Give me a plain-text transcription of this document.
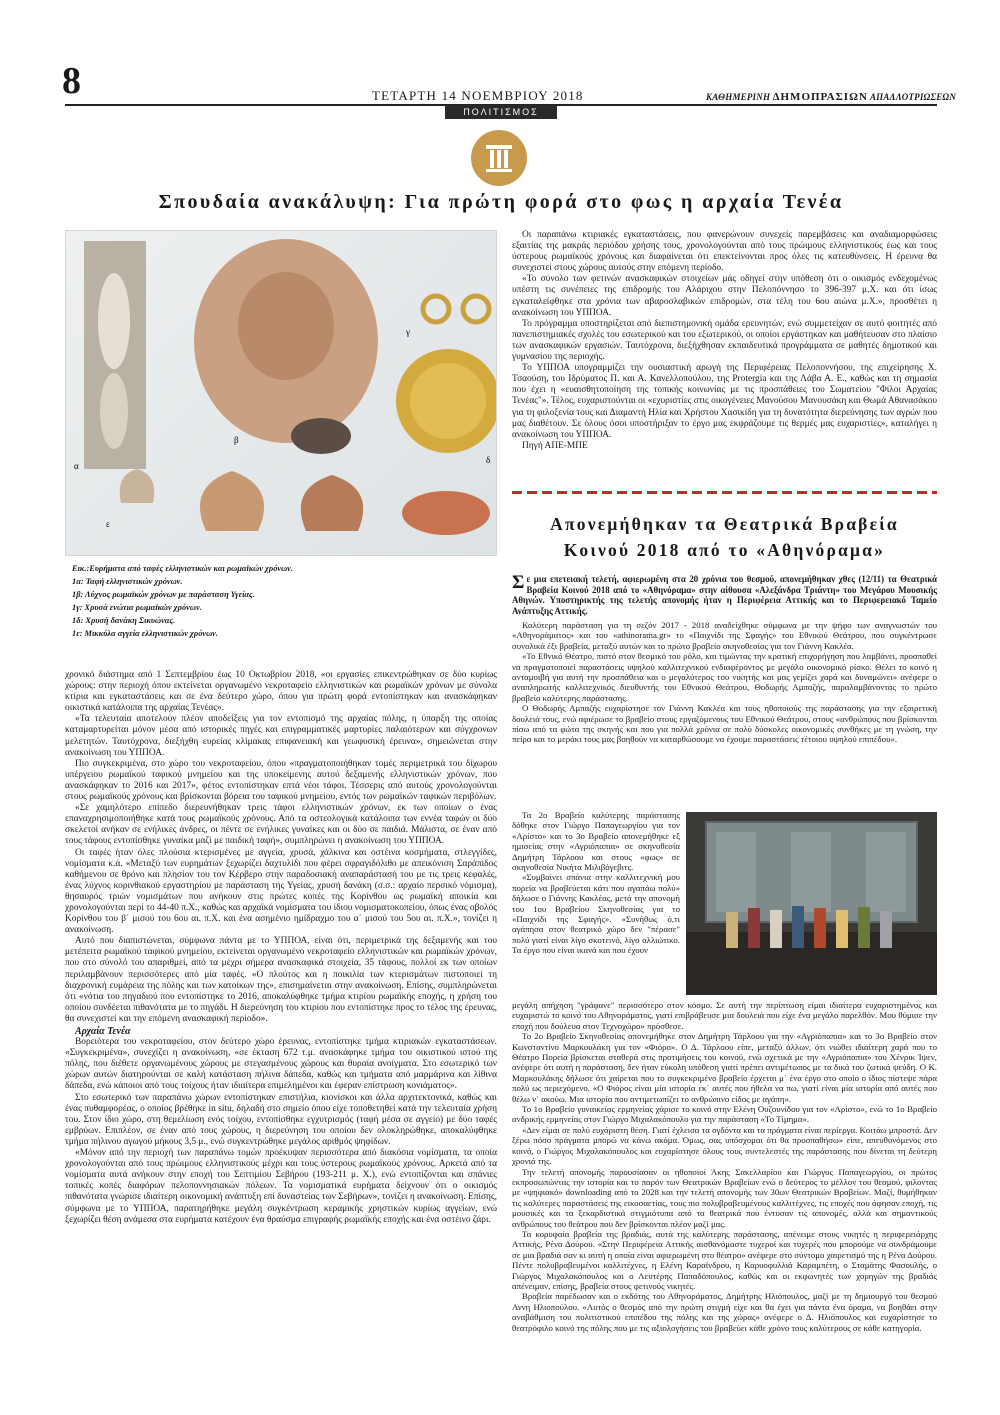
8	ΤΕΤΑΡΤΗ 14 ΝΟΕΜΒΡΙΟΥ 2018	ΚΑΘΗΜΕΡΙΝΗ ΔΗΜΟΠΡΑΣΙΩΝ ΑΠΑΛΛΟΤΡΙΩΣΕΩΝ
ΠΟΛΙΤΙΣΜΟΣ
Σπουδαία ανακάλυψη: Για πρώτη φορά στο φως η αρχαία Τενέα
α
β
γ
δ
ε
Εικ.:Ευρήματα από ταφές ελληνιστικών και ρωμαϊκών χρόνων.
1α: Ταφή ελληνιστικών χρόνων.
1β: Λύχνος ρωμαϊκών χρόνων με παράσταση Υγείας.
1γ: Χρυσά ενώτια ρωμαϊκών χρόνων.
1δ: Χρυσή δανάκη Σικυώνας.
1ε: Μικκύλα αγγεία ελληνιστικών χρόνων.

χρονικό διάστημα από 1 Σεπτεμβρίου έως 10 Οκτωβρίου 2018, «οι εργασίες επικεντρώθηκαν σε δύο κυρίως χώρους: στην περιοχή όπου εκτείνεται οργανωμένο νεκροταφείο ελληνιστικών και ρωμαϊκών χρόνων με σύνολα κτίρια και εγκαταστάσεις και σε ένα δεύτερο χώρο, όπου για πρώτη φορά εντοπίστηκαν και ανασκάφηκαν οικιστικά κατάλοιπα της αρχαίας Τενέας».

«Τα τελευταία αποτελούν πλέον αποδείξεις για τον εντοπισμό της αρχαίας πόλης, η ύπαρξη της οποίας καταμαρτυρείται μόνον μέσα από ιστορικές πηγές και επιγραμματικές μαρτυρίες παλαιότερων και σύγχρονων μελετητών. Ταυτόχρονα, διεξήχθη ευρείας κλίμακας επιφανειακή και γεωφυσική έρευνα», σημειώνεται στην ανακοίνωση του ΥΠΠΟΑ.

Πιο συγκεκριμένα, στο χώρο του νεκροταφείου, όπου «πραγματοποιήθηκαν τομές περιμετρικά του δίχωρου υπέργειου ρωμαϊκού ταφικού μνημείου και της υποκείμενης αυτού δεξαμενής ελληνιστικών χρόνων, που ανασκάφηκαν το 2016 και 2017», φέτος εντοπίστηκαν επτά νέοι τάφοι. Τέσσερις από αυτούς χρονολογούνται στους ρωμαϊκούς χρόνους και βρίσκονται βόρεια του ταφικού μνημείου, εντός των ρωμαϊκών ταφικών περιβόλων.

«Σε χαμηλότερο επίπεδο διερευνήθηκαν τρεις τάφοι ελληνιστικών χρόνων, εκ των οποίων ο ένας επαναχρησιμοποιήθηκε κατά τους ρωμαϊκούς χρόνους. Από τα οστεολογικά κατάλοιπα των εννέα ταφών οι δύο σκελετοί ανήκαν σε ενήλικες άνδρες, οι πέντε σε ενήλικες γυναίκες και οι δύο σε παιδιά. Μάλιστα, σε έναν από τους τάφους εντοπίσθηκε γυναίκα μαζί με παιδική ταφή», συμπληρώνει η ανακοίνωση του ΥΠΠΟΑ.

Οι ταφές ήταν όλες πλούσια κτερισμένες με αγγεία, χρυσά, χάλκινα και οστέινα κοσμήματα, στλεγγίδες, νομίσματα κ.ά. «Μεταξύ των ευρημάτων ξεχωρίζει δαχτυλίδι που φέρει σφραγιδόλιθο με απεικόνιση Σαράπιδος καθήμενου σε θρόνο και πλησίον του τον Κέρβερο στην παραδοσιακή αναπαράστασή του με τις τρεις κεφαλές, ένας λύχνος κορινθιακού εργαστηρίου με παράσταση της Υγείας, χρυσή δανάκη (σ.σ.: αρχαίο περσικό νόμισμα), θησαυρός τριών νομισμάτων που ανήκουν στις πρώτες κοπές της Κορίνθου ως ρωμαϊκή αποικία και χρονολογούνται περί το 44-40 π.Χ., καθώς και αρχαϊκά νομίσματα του ίδιου νομισματοκοπείου, όπως ένας οβολός Κορίνθου του β΄ μισού του 6ου αι. π.Χ. και ένα ασημένιο ημίδραχμο του α΄ μισού του 5ου αι. π.Χ.», τονίζει η ανακοίνωση.

Αυτό που διαπιστώνεται, σύμφωνα πάντα με το ΥΠΠΟΑ, είναι ότι, περιμετρικά της δεξαμενής και του μετέπειτα ρωμαϊκού ταφικού μνημείου, εκτείνεται οργανωμένο νεκροταφείο ελληνιστικών και ρωμαϊκών χρόνων, που στο σύνολό του απαριθμεί, από τα μέχρι σήμερα ανασκαφικά στοιχεία, 35 τάφους, πολλοί εκ των οποίων περιλαμβάνουν περισσότερες από μία ταφές. «Ο πλούτος και η ποικιλία των κτερισμάτων πιστοποιεί τη διαχρονική ευμάρεια της πόλης και των κατοίκων της», επισημαίνεται στην ανακοίνωση. Επίσης, συμπληρώνεται ότι «νότια του πηγαδιού που εντοπίστηκε το 2016, αποκαλύφθηκε τμήμα κτιρίου ρωμαϊκής εποχής, η χρήση του οποίου συνδέεται πιθανότατα με το πηγάδι. Η διερεύνηση του κτιρίου που εντοπίστηκε προς το τέλος της έρευνας, θα συνεχιστεί και την επόμενη ανασκαφική περίοδο».

Αρχαία Τενέα

Βορειότερα του νεκροταφείου, στον δεύτερο χώρο έρευνας, εντοπίστηκε τμήμα κτιριακών εγκαταστάσεων. «Συγκεκριμένα», συνεχίζει η ανακοίνωση, «σε έκταση 672 τ.μ. ανασκάφηκε τμήμα του οικιστικού ιστού της πόλης, που διέθετε οργανωμένους χώρους με στεγασμένους χώρους και θυραία ανοίγματα. Στο εσωτερικό των χώρων αυτών διατηρούνται σε καλή κατάσταση πήλινα δάπεδα, καθώς και τμήματα από μαρμάρινα και λίθινα δάπεδα, ενώ κάποιοι από τους τοίχους ήταν ιδιαίτερα επιμελημένοι και έφεραν επίστρωση κονιάματος».

Στο εσωτερικό των παραπάνω χώρων εντοπίστηκαν επιστήλια, κιονίσκοι και άλλα αρχιτεκτονικά, καθώς και ένας πυθαμφορέας, ο οποίος βρέθηκε in situ, δηλαδή στο σημείο όπου είχε τοποθετηθεί κατά την τελευταία χρήση του. Στον ίδιο χώρο, στη θεμελίωση ενός τοίχου, εντοπίσθηκε εγχυτρισμός (ταφή μέσα σε αγγείο) με δύο ταφές εμβρύων. Επιπλέον, σε έναν από τους χώρους, η διερεύνηση του οποίου δεν ολοκληρώθηκε, αποκαλύφθηκε τμήμα πήλινου αγωγού μήκους 3,5 μ., ενώ συγκεντρώθηκε μεγάλος αριθμός ψηφίδων.

«Μόνον από την περιοχή των παραπάνω τομών προέκυψαν περισσότερα από διακόσια νομίσματα, τα οποία χρονολογούνται από τους πρώιμους ελληνιστικούς μέχρι και τους ύστερους ρωμαϊκούς χρόνους. Αρκετά από τα νομίσματα αυτά ανήκουν στην εποχή του Σεπτιμίου Σεβήρου (193-211 μ. Χ.), ενώ εντοπίζονται και σπάνιες τοπικές κοπές διαφόρων πελοποννησιακών πόλεων. Τα νομισματικά ευρήματα δείχνουν ότι ο οικισμός πιθανότατα γνώρισε ιδιαίτερη οικονομική ανάπτυξη επί δυναστείας των Σεβήρων», τονίζει η ανακοίνωση. Επίσης, σύμφωνα με το ΥΠΠΟΑ, παρατηρήθηκε μεγάλη συγκέντρωση κεραμικής χρηστικών κυρίως αγγείων, ενώ ξεχωρίζει θέση ανάμεσα στα ευρήματα κατέχουν ένα θραύσμα επιγραφής ρωμαϊκής εποχής και ένα οστέινο ζάρι.

Οι παραπάνω κτιριακές εγκαταστάσεις, που φανερώνουν συνεχείς παρεμβάσεις και αναδιαμορφώσεις εξαιτίας της μακράς περιόδου χρήσης τους, χρονολογούνται από τους πρώιμους ελληνιστικούς έως και τους ύστερους ρωμαϊκούς χρόνους και διαφαίνεται ότι επεκτείνονται προς όλες τις κατευθύνσεις. Η έρευνα θα συνεχιστεί στους χώρους αυτούς στην επόμενη περίοδο.

«Το σύνολο των φετινών ανασκαφικών στοιχείων μάς οδηγεί στην υπόθεση ότι ο οικισμός ενδεχομένως υπέστη τις συνέπειες της επιδρομής του Αλάριχου στην Πελοπόννησο το 396-397 μ.Χ. και ότι ίσως εγκαταλείφθηκε στα χρόνια των αβαροσλαβικών επιδρομών, στα τέλη του 6ου αιώνα μ.Χ.», προσθέτει η ανακοίνωση του ΥΠΠΟΑ.

Το πρόγραμμα υποστηρίζεται από διεπιστημονική ομάδα ερευνητών, ενώ συμμετείχαν σε αυτό φοιτητές από πανεπιστημιακές σχολές του εσωτερικού και του εξωτερικού, οι οποίοι εργάστηκαν και μαθήτευσαν στο πλαίσιο των ανασκαφικών εργασιών. Ταυτόχρονα, διεξήχθησαν εκπαιδευτικά προγράμματα σε μαθητές δημοτικού και γυμνασίου της περιοχής.

Το ΥΠΠΟΑ υπογραμμίζει την ουσιαστική αρωγή της Περιφέρειας Πελοποννήσου, της επιχείρησης Χ. Τσαούση, του Ιδρύματος Π. και Α. Κανελλοπούλου, της Protergia και της Λάβα Α. Ε., καθώς και τη σημασία που έχει η «ευαισθητοποίηση της τοπικής κοινωνίας με τις προσπάθειες του Σωματείου "Φίλοι Αρχαίας Τενέας"». Τέλος, ευχαριστούνται οι «εχυριστίες στις οικογένειες Μανούσου Μανουσάκη και Θωμά Αθανασάκου για τη φιλοξενία τους και Διαμαντή Ηλία και Χρήστου Χασικίδη για τη δυνατότητα διερεύνησης των αγρών που μας διαθέτουν. Σε όλους όσοι υποστήριξαν το έργο μας εκφράζουμε τις θερμές μας ευχαριστίες», καταλήγει η ανακοίνωση του ΥΠΠΟΑ.

Πηγή ΑΠΕ-ΜΠΕ

Απονεμήθηκαν τα Θεατρικά Βραβεία
Κοινού 2018 από το «Αθηνόραμα»
Σε μια επετειακή τελετή, αφιερωμένη στα 20 χρόνια του θεσμού, απονεμήθηκαν χθες (12/11) τα Θεατρικά Βραβεία Κοινού 2018 από το «Αθηνόραμα» στην αίθουσα «Αλεξάνδρα Τριάντη» του Μεγάρου Μουσικής Αθηνών. Υποστηρικτής της τελετής απονομής ήταν η Περιφέρεια Αττικής και το Περιφερειακό Ταμείο Ανάπτυξης Αττικής.

Καλύτερη παράσταση για τη σεζόν 2017 - 2018 αναδείχθηκε σύμφωνα με την ψήφο των αναγνωστών του «Αθηνοράματος» και του «athinorama.gr» το «Παιχνίδι της Σφαγής» του Εθνικού Θεάτρου, που συγκέντρωσε συνολικά έξι βραβεία, μεταξύ αυτών και το πρώτο βραβείο σκηνοθεσίας για τον Γιάννη Κακλέα.

«Το Εθνικό Θέατρο, πιστό στον θεσμικό του ρόλο, και τιμώντας την κρατική επιχορήγηση που λαμβάνει, προσπαθεί να πραγματοποιεί παραστάσεις υψηλού καλλιτεχνικού ενδιαφέροντος με μεγάλο οικονομικό ρίσκο. Θέλει το κοινό η ανταμοιβή για αυτή την προσπάθεια και ο μεγαλύτερος του νικητής και μας γεμίζει χαρά και δυναμώνει» ανέφερε ο αναπληρωτής καλλιτεχνικός διευθυντής του Εθνικού Θεάτρου, Θοδωρής Αμπαζής, παραλαμβάνοντας το πρώτο βραβείο καλύτερης παράστασης.

Ο Θοδωρής Αμπαζής ευχαρίστησε τον Γιάννη Κακλέα και τους ηθοποιούς της παράστασης για την εξαιρετική δουλειά τους, ενώ αφιέρωσε το βραβείο στους εργαζόμενους του Εθνικού Θεάτρου, στους «ανθρώπους που βρίσκονται πίσω από τα φώτα της σκηνής και που για πολλά χρόνια σε πολύ δύσκολες οικονομικές συνθήκες με τη γνώση, την πείρα και το μεράκι τους μας βοηθούν να καταρθώσουμε να έχουμε παραστάσεις τέτοιου υψηλού επιπέδου».

Τα 2ο Βραβείο καλύτερης παράστασης δόθηκε στον Γιώργο Παπαγεωργίου για τον «Αρίστο» και το 3ο Βραβείο απονεμήθηκε εξ ημισείας στην «Αγριόπαπια» σε σκηνοθεσία Δημήτρη Τάρλοου και στους «φως» σε σκηνοθεσία Νικήτα Μιλιβόγεβιτς.

«Συμβαίνει σπάνια στην καλλιτεχνική μου πορεία να βραβεύεται κάτι που αγαπάω πολύ» δήλωσε ο Γιάννης Κακλέας, μετά την απονομή του 1ου Βραβείου Σκηνοθεσίας για το «Παιχνίδι της Σφαγής». «Συνήθως ό,τι αγάπησα στον θεατρικό χώρο δεν "πέρασε" πολύ γιατί είναι λίγο σκοτεινό, λίγο αλλιώτικο. Τα έργο που είναι ικανά και που έχουν

μεγάλη απήχηση "γράφανε" περισσότερο στον κόσμο. Σε αυτή την περίπτωση είμαι ιδιαίτερα ευχαριστημένος και ευχαριστώ το κοινό του Αθηνοράματος, γιατί επιβράβευσε μια δουλειά που είχε ένα μεγάλο παρελθόν. Μου θύμισε την εποχή που δούλευα στον Τεχνοχώρο» πρόσθεσε.

Το 2ο Βραβείο Σκηνοθεσίας απονεμήθηκε στον Δημήτρη Τάρλοου για την «Αγριόπαπια» και το 3ο Βραβείο στον Κωνσταντίνο Μαρκουλάκη για τον «Φιόρο». Ο Δ. Τάρλοου είπε, μεταξύ άλλων, ότι νιώθει ιδιαίτερη χαρά που το Θέατρο Πορεία βρίσκεται σταθερά στις προτιμήσεις του κοινού, ενώ σχετικά με την «Αγριόπαπια» του Χένρικ Ίψεν, ανέφερε ότι αυτή η παράσταση, δεν ήταν εύκολη υπόθεση γιατί πρέπει αντιμέτωπος με τα δικά του ζωτικά ψεύδη. Ο Κ. Μαρκουλάκης δήλωσε ότι χαίρεται που το συγκεκριμένο βραβείο έρχεται μ΄ ένα έργο στο οποίο ο ίδιος πίστεψε πάρα πολύ ως περιεχόμενο. «Ο Φιόρος είναι μία ιστορία εκ΄ αυτές που ήθελα να πω, γιατί είναι μία ιστορία από αυτές που θέλω ν΄ ακούω. Μια ιστορία που αντιμετωπίζει το ανθρώπινο είδος με αγάπη».

Το 1ο Βραβείο γυναικείας ερμηνείας χάρισε το κοινό στην Ελένη Ουζουνίδου για τον «Αρίστο», ενώ το 1ο Βραβείο ανδρικής ερμηνείας στον Γιώργο Μιχαλακόπουλο για την παράσταση «Το Τίμημα».

«Δεν είμαι σε πολύ ευχάριστη θέση. Γιατί έχλεισα τα ογδόντα και τα πράγματα είναι περίεργα. Κοιτάω μπροστά. Δεν ξέρω πόσο πράγματα μπορώ να κάνω ακόμα. Όμως, σας υπόσχομαι ότι θα προσπαθήσω» είπε, απευθυνόμενος στο κοινό, ο Γιώργος Μιχαλακόπουλος και ευχαρίστησε όλους τους συντελεστές της παράστασης που δίνεται τη δεύτερη χρονιά της.

Την τελετή απονομής παρουσίασαν οι ηθοποιοί Άκης Σακελλαρίου και Γιώργος Παπαγεωργίου, οι πρώτος εκπροσωπώντας την ιστορία και το παρόν των Θεατρικών Βραβείων ενώ ο δεύτερος το μέλλον του θεσμού, φιλοντας με «ψηφιακό» downloading από το 2028 και την τελετή απονομής των 30ων Θεατρικών Βραβείων. Μαζί, θυμήθηκαν τις καλύτερες παραστάσεις της εικοσαετίας, τους πιο πολυβραβευμένους καλλιτέχνες, τις εποχές που άφησαν εποχή, τις μουσικές και τα ξεκαρδιστικά στιγμιότυπα από τα θεατρικά που έντυσαν τις απονομές, αλλά και σημαντικούς ανθρώπους του θεάτρου που δεν βρίσκονται πλέον μαζί μας.

Τα κορυφαία βραβεία της βραδιάς, αυτά της καλύτερης παράστασης, απένειμε στους νικητές η περιφερειάρχης Αττικής, Ρένα Δούρου. «Στην Περιφέρεια Αττικής αισθανόμαστε τυχεροί και τυχερές που μπορούμε να συνδράμουμε σε μια βραδιά σαν κι αυτή η οποία είναι αφιερωμένη στο θέατρο» ανέφερε στο σύντομο χαιρετισμό της η Ρένα Δούρου. Πέντε πολυβραβευμένοι καλλιτέχνες, η Ελένη Καραϊνδρου, η Καρυοφυλλιά Καραμπέτη, ο Σταμάτης Φασουλής, ο Γιώργος Μιχαλακόπουλος και ο Λευτέρης Παπαδόπουλος, καθώς και οι εκφωνητές των χορηγών της βραδιάς απένειμαν, επίσης, βραβεία στους φετινούς νικητές.

Βραβεία παρέδωσαν και ο εκδότης του Αθηνοράματος, Δημήτρης Ηλιόπουλος, μαζί με τη δημιουργό του θεσμού Αννη Ηλιοπούλου. «Αυτός ο θεσμός από την πρώτη στιγμή είχε και θα έχει για πάντα ένα όραμα, να βοηθάει στην αναβάθμιση του πολιτιστικού επιπέδου της πόλης και της χώρας» ανέφερε ο Δ. Ηλιόπουλος και ευχαρίστησε το θεατρόφιλο κοινό της πόλης που με τις αξιολογήσεις του βραβεύει κάθε χρόνο τους καλύτερους σε κάθε κατηγορία.
